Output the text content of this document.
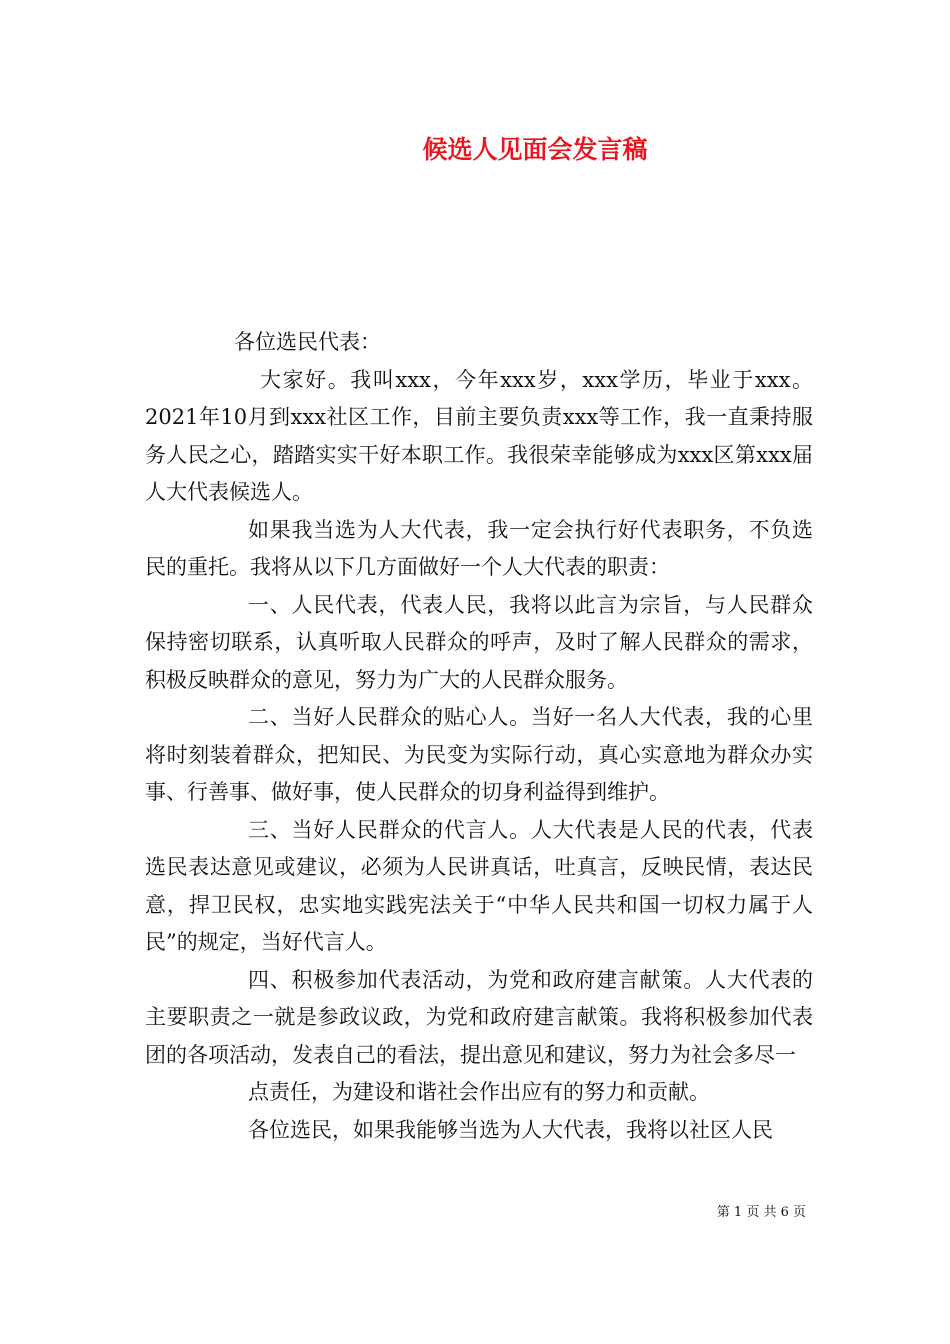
候选人见面会发言稿

各位选民代表：

大家好。我叫xxx，今年xxx岁，xxx学历，毕业于xxx。2021年10月到xxx社区工作，目前主要负责xxx等工作，我一直秉持服务人民之心，踏踏实实干好本职工作。我很荣幸能够成为xxx区第xxx届人大代表候选人。

如果我当选为人大代表，我一定会执行好代表职务，不负选民的重托。我将从以下几方面做好一个人大代表的职责：

一、人民代表，代表人民，我将以此言为宗旨，与人民群众保持密切联系，认真听取人民群众的呼声，及时了解人民群众的需求，积极反映群众的意见，努力为广大的人民群众服务。

二、当好人民群众的贴心人。当好一名人大代表，我的心里将时刻装着群众，把知民、为民变为实际行动，真心实意地为群众办实事、行善事、做好事，使人民群众的切身利益得到维护。

三、当好人民群众的代言人。人大代表是人民的代表，代表选民表达意见或建议，必须为人民讲真话，吐真言，反映民情，表达民意，捍卫民权，忠实地实践宪法关于“中华人民共和国一切权力属于人民”的规定，当好代言人。

四、积极参加代表活动，为党和政府建言献策。人大代表的主要职责之一就是参政议政，为党和政府建言献策。我将积极参加代表团的各项活动，发表自己的看法，提出意见和建议，努力为社会多尽一

点责任，为建设和谐社会作出应有的努力和贡献。

各位选民，如果我能够当选为人大代表，我将以社区人民

第 1 页 共 6 页
